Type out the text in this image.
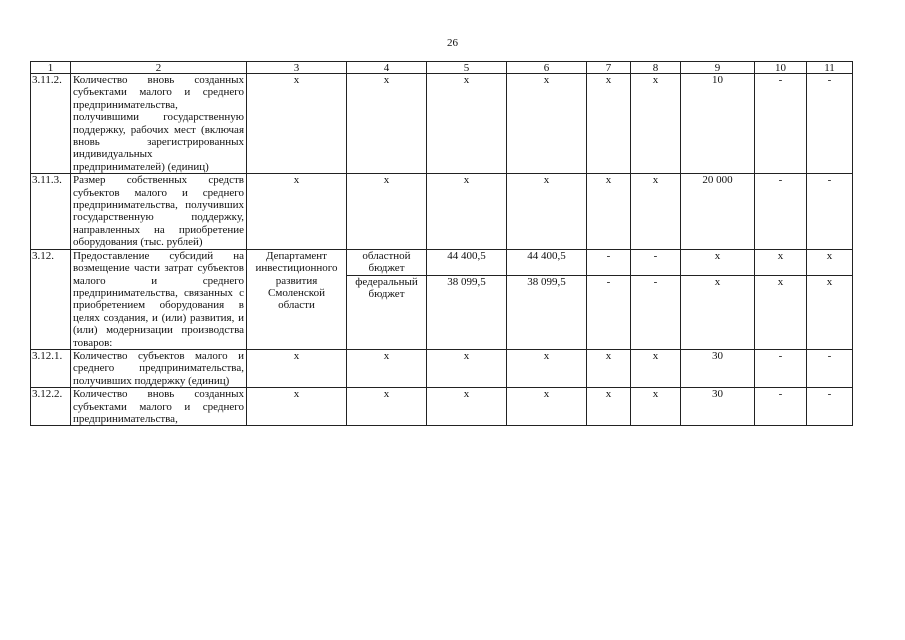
26
1	2	3	4	5	6	7	8	9	10	11
3.11.2.	Количество вновь созданных субъектами малого и среднего предпринимательства, получившими государственную поддержку, рабочих мест (включая вновь зарегистрированных индивидуальных предпринимателей) (единиц)	x	x	x	x	x	x	10	-	-
3.11.3.	Размер собственных средств субъектов малого и среднего предпринимательства, получивших государственную поддержку, направленных на приобретение оборудования (тыс. рублей)	x	x	x	x	x	x	20 000	-	-
3.12.	Предоставление субсидий на возмещение части затрат субъектов малого и среднего предпринимательства, связанных с приобретением оборудования в целях создания, и (или) развития, и (или) модернизации производства товаров:	Департамент инвестиционного развития Смоленской области	областной бюджет	44 400,5	44 400,5	-	-	x	x	x
			федеральный бюджет	38 099,5	38 099,5	-	-	x	x	x
3.12.1.	Количество субъектов малого и среднего предпринимательства, получивших поддержку (единиц)	x	x	x	x	x	x	30	-	-
3.12.2.	Количество вновь созданных субъектами малого и среднего предпринимательства,	x	x	x	x	x	x	30	-	-
